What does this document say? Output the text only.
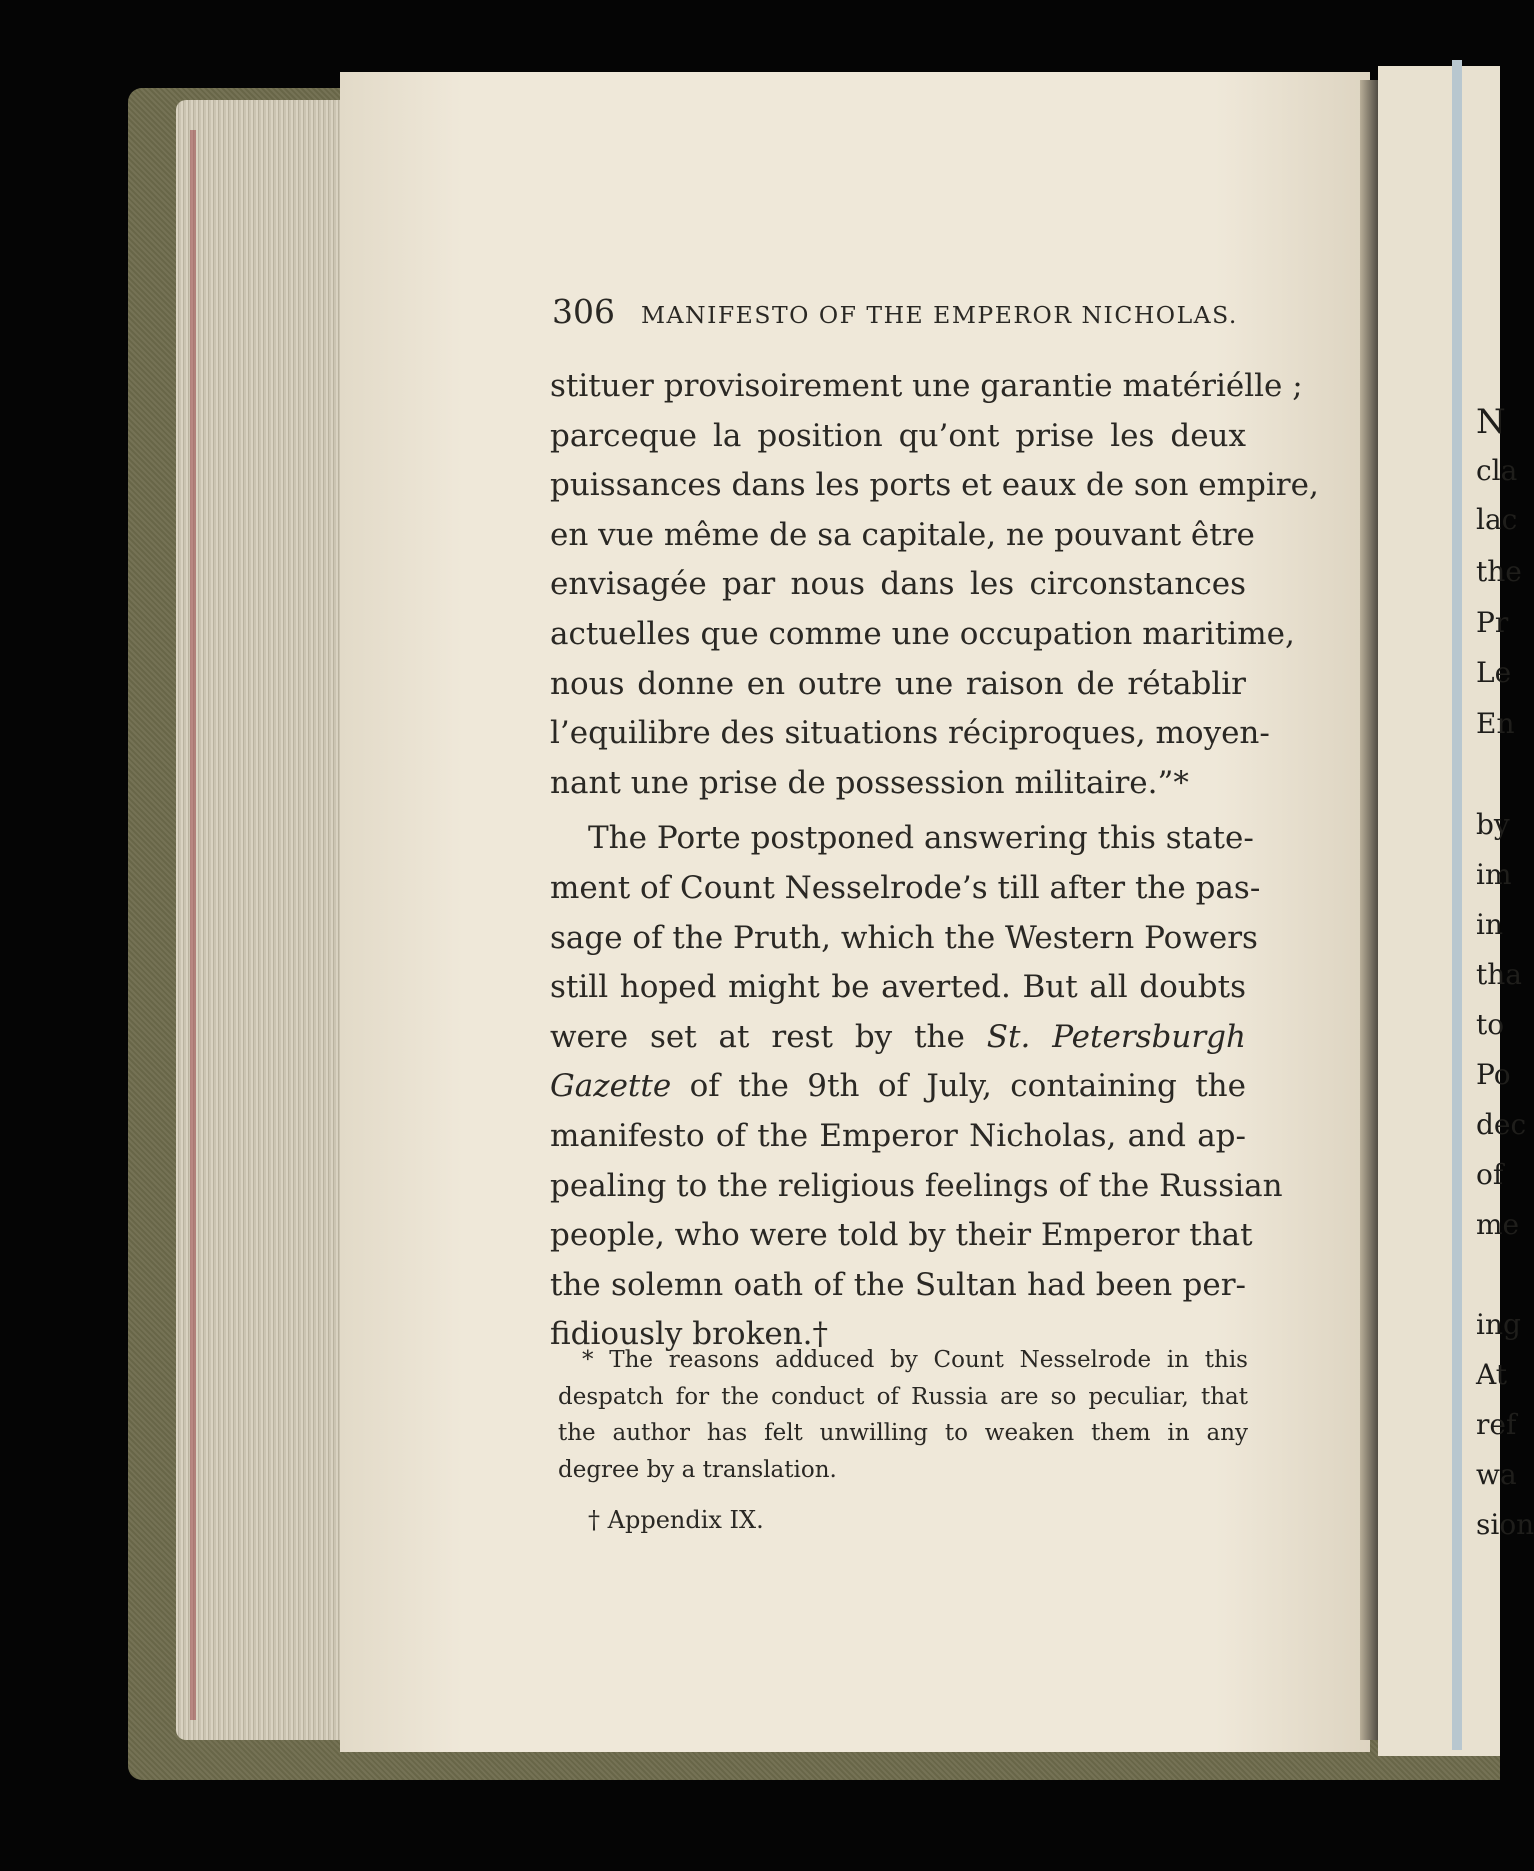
306 MANIFESTO OF THE EMPEROR NICHOLAS.
stituer provisoirement une garantie matériélle ;
parceque la position qu’ont prise les deux
puissances dans les ports et eaux de son empire,
en vue même de sa capitale, ne pouvant être
envisagée par nous dans les circonstances
actuelles que comme une occupation maritime,
nous donne en outre une raison de rétablir
l’equilibre des situations réciproques, moyen-
nant une prise de possession militaire.”*
The Porte postponed answering this state-
ment of Count Nesselrode’s till after the pas-
sage of the Pruth, which the Western Powers
still hoped might be averted. But all doubts
were set at rest by the St. Petersburgh
Gazette of the 9th of July, containing the
manifesto of the Emperor Nicholas, and ap-
pealing to the religious feelings of the Russian
people, who were told by their Emperor that
the solemn oath of the Sultan had been per-
fidiously broken.†
* The reasons adduced by Count Nesselrode in this
despatch for the conduct of Russia are so peculiar, that
the author has felt unwilling to weaken them in any
degree by a translation.
† Appendix IX.
N
cla
lac
the
Pr
Le
En
by
im
in
tha
to
Po
dec
of
me
ing
At
ref
wa
sion
